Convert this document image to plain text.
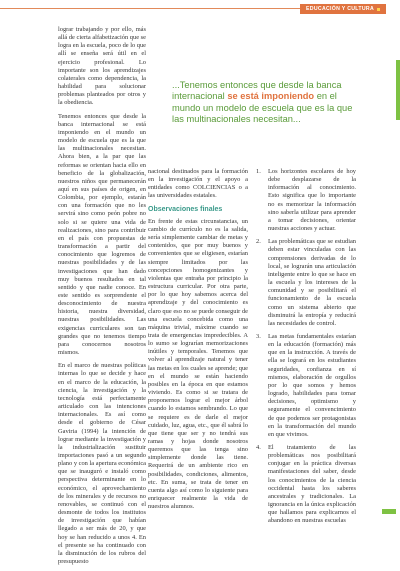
EDUCACIÓN Y CULTURA

lograr trabajando y por ello, más allá de cierta alfabetización que se logra en la escuela, poco de lo que allí se enseña será útil en el ejercicio profesional. Lo importante son los aprendizajes colaterales como dependencia, la habilidad para solucionar problemas planteados por otros y la obediencia.

Tenemos entonces que desde la banca internacional se está imponiendo en el mundo un modelo de escuela que es la que las multinacionales necesitan. Ahora bien, a la par que las reformas se orientan hacia ello en beneficio de la globalización, nuestros niños que permanecerán aquí en sus países de origen, en Colombia, por ejemplo, estarán con una formación que no les servirá sino como peón pobre no solo si se quiere una vida de realizaciones, sino para contribuir en el país con propuestas de transformación a partir del conocimiento que logremos de nuestras posibilidades y de las investigaciones que han dado muy buenos resultados en tal sentido y que nadie conoce. En este sentido es sorprendente el desconocimiento de nuestra historia, nuestra diversidad, nuestras posibilidades. Las exigencias curriculares son tan grandes que no tenemos tiempo para conocernos nosotros mismos.

En el marco de nuestras políticas internas lo que se decide y hace en el marco de la educación, la ciencia, la investigación y la tecnología está perfectamente articulado con las intenciones internacionales. Es así como desde el gobierno de César Gaviria (1994) la intención de lograr mediante la investigación y la industrialización sustituir importaciones pasó a un segundo plano y con la apertura económica que se inauguró e instaló como perspectiva determinante en lo económico, el aprovechamiento de los minerales y de recursos no renovables, se continuó con el desmonte de todos los institutos de investigación que habían llegado a ser más de 20, y que hoy se han reducido a unos 4. En el presente se ha continuado con la disminución de los rubros del presupuesto

...Tenemos entonces que desde la banca internacional se está imponiendo en el mundo un modelo de escuela que es la que las multinacionales necesitan...

nacional destinados para la formación en la investigación y el apoyo a entidades como COLCIENCIAS o a las universidades estatales.

Observaciones finales

En frente de estas circunstancias, un cambio de currículo no es la salida, sería simplemente cambiar de metas y contenidos, que por muy buenos y convenientes que se eligiesen, estarían siempre limitados por las concepciones homogenizantes y violentas que entraña por principio la estructura curricular. Por otra parte, por lo que hoy sabemos acerca del aprendizaje y del conocimiento es claro que eso no se puede conseguir de una escuela concebida como una máquina trivial, máxime cuando se trata de emergencias impredecibles. A lo sumo se lograrían memorizaciones inútiles y temporales. Tenemos que volver al aprendizaje natural y tener las metas en los cuales se aprende; que en el mundo se están haciendo posibles en la época en que estamos viviendo. Es como si se tratara de proponernos lograr el mejor árbol cuando lo estamos sembrando. Lo que se requiere es de darle el mejor cuidado, luz, agua, etc., que él sabrá lo que tiene que ser y no tendrá sus ramas y hojas donde nosotros queremos que las tenga sino simplemente donde las tiene. Requerirá de un ambiente rico en posibilidades, condiciones, alimentos, etc. En suma, se trata de tener en cuenta algo así como lo siguiente para enriquecer realmente la vida de nuestros alumnos.

1. Los horizontes escolares de hoy debe desplazarse de la información al conocimiento. Esto significa que lo importante no es memorizar la información sino saberla utilizar para aprender a tomar decisiones, orientar nuestras acciones y actuar.
2. Las problemáticas que se estudian deben estar vinculadas con las comprensiones derivadas de lo local, se lograrán una articulación inteligente entre lo que se hace en la escuela y los intereses de la comunidad y se posibilitará el funcionamiento de la escuela como un sistema abierto que disminuirá la entropía y reducirá las necesidades de control.
3. Las metas fundamentales estarían en la educación (formación) más que en la instrucción. A través de ella se logrará en los estudiantes seguridades, confianza en sí mismos, elaboración de orgullos por lo que somos y hemos logrado, habilidades para tomar decisiones, optimismo y seguramente el convencimiento de que podemos ser protagonistas en la transformación del mundo en que vivimos.
4. El tratamiento de las problemáticas nos posibilitará conjugar en la práctica diversas manifestaciones del saber, desde los conocimientos de la ciencia occidental hasta los saberes ancestrales y tradicionales. La ignorancia en la única explicación que hallamos para explicarnos el abandono en nuestras escuelas
